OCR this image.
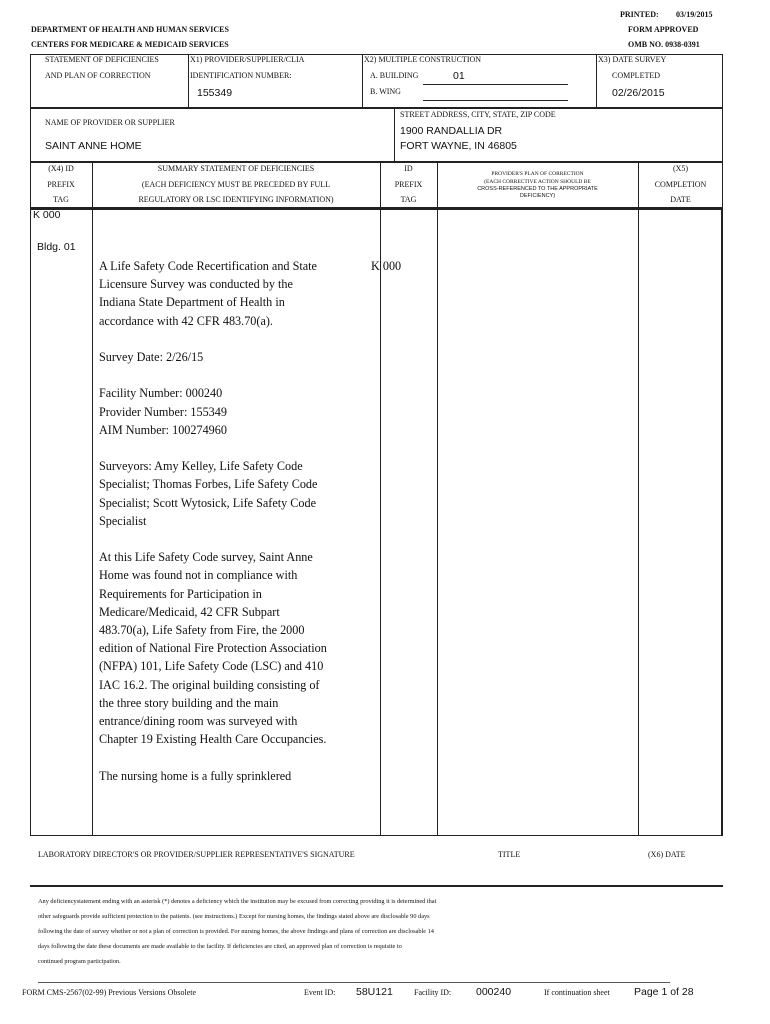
PRINTED: 03/19/2015
FORM APPROVED
OMB NO. 0938-0391
DEPARTMENT OF HEALTH AND HUMAN SERVICES
CENTERS FOR MEDICARE & MEDICAID SERVICES
STATEMENT OF DEFICIENCIES
AND PLAN OF CORRECTION
X1) PROVIDER/SUPPLIER/CLIA
IDENTIFICATION NUMBER:
155349
X2) MULTIPLE CONSTRUCTION
A. BUILDING	01
B. WING
X3) DATE SURVEY
COMPLETED
02/26/2015
NAME OF PROVIDER OR SUPPLIER
SAINT ANNE HOME
STREET ADDRESS, CITY, STATE, ZIP CODE
1900 RANDALLIA DR
FORT WAYNE, IN 46805
(X4) ID
PREFIX
TAG
SUMMARY STATEMENT OF DEFICIENCIES
(EACH DEFICIENCY MUST BE PRECEDED BY FULL
REGULATORY OR LSC IDENTIFYING INFORMATION)
ID
PREFIX
TAG
PROVIDER'S PLAN OF CORRECTION
(EACH CORRECTIVE ACTION SHOULD BE
CROSS-REFERENCED TO THE APPROPRIATE
DEFICIENCY)
(X5)
COMPLETION
DATE
K 000
Bldg. 01
K 000

A Life Safety Code Recertification and State Licensure Survey was conducted by the Indiana State Department of Health in accordance with 42 CFR 483.70(a).

Survey Date: 2/26/15

Facility Number: 000240
Provider Number: 155349
AIM Number: 100274960

Surveyors: Amy Kelley, Life Safety Code Specialist; Thomas Forbes, Life Safety Code Specialist; Scott Wytosick, Life Safety Code Specialist

At this Life Safety Code survey, Saint Anne Home was found not in compliance with Requirements for Participation in Medicare/Medicaid, 42 CFR Subpart 483.70(a), Life Safety from Fire, the 2000 edition of National Fire Protection Association (NFPA) 101, Life Safety Code (LSC) and 410 IAC 16.2. The original building consisting of the three story building and the main entrance/dining room was surveyed with Chapter 19 Existing Health Care Occupancies.

The nursing home is a fully sprinklered

LABORATORY DIRECTOR'S OR PROVIDER/SUPPLIER REPRESENTATIVE'S SIGNATURE	TITLE	(X6) DATE
Any deficiencystatement ending with an asterisk (*) denotes a deficiency which the institution may be excused from correcting providing it is determined that
other safeguards provide sufficient protection to the patients. (see instructions.) Except for nursing homes, the findings stated above are disclosable 90 days
following the date of survey whether or not a plan of correction is provided. For nursing homes, the above findings and plans of correction are disclosable 14
days following the date these documents are made available to the facility. If deficiencies are cited, an approved plan of correction is requisite to
continued program participation.
FORM CMS-2567(02-99) Previous Versions Obsolete	Event ID: 58U121	Facility ID: 000240	If continuation sheet Page 1 of 28
